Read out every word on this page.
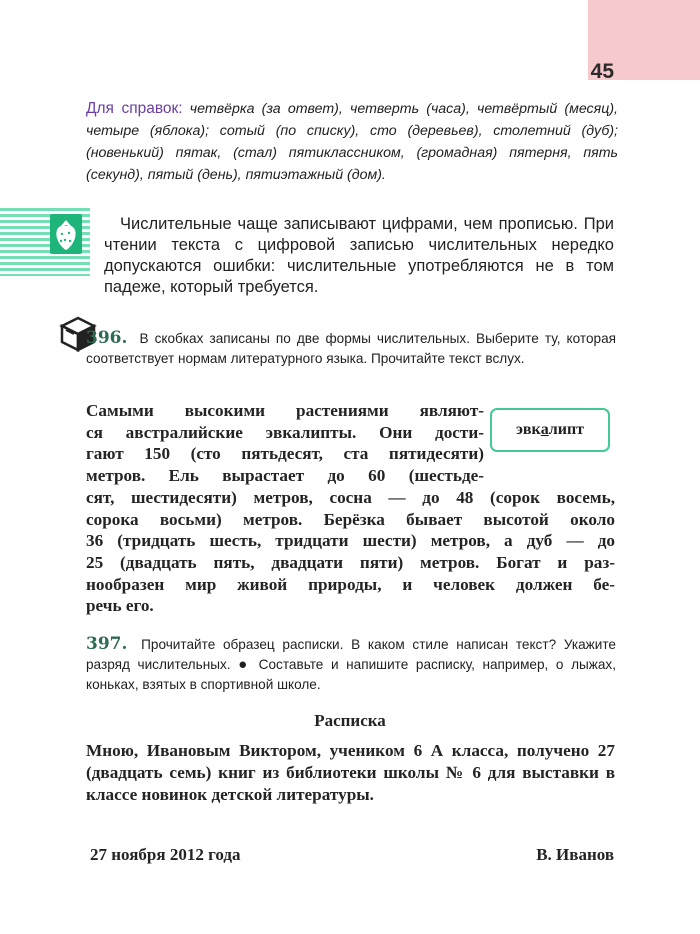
45
Для справок: четвёрка (за ответ), четверть (часа), четвёртый (месяц), четыре (яблока); сотый (по списку), сто (деревьев), столетний (дуб); (новенький) пятак, (стал) пятиклассником, (громадная) пятерня, пять (секунд), пятый (день), пятиэтажный (дом).
Числительные чаще записывают цифрами, чем прописью. При чтении текста с цифровой записью числительных нередко допускаются ошибки: числительные употребляются не в том падеже, который требуется.
396. В скобках записаны по две формы числительных. Выберите ту, которая соответствует нормам литературного языка. Прочитайте текст вслух.
эвк а липт
Самыми высокими растениями являют-
ся австралийские эвкалипты. Они дости-
гают 150 (сто пятьдесят, ста пятидесяти)
метров. Ель вырастает до 60 (шестьде-
сят, шестидесяти) метров, сосна — до 48 (сорок восемь,
сорока восьми) метров. Берёзка бывает высотой около
36 (тридцать шесть, тридцати шести) метров, а дуб — до
25 (двадцать пять, двадцати пяти) метров. Богат и раз-
нообразен мир живой природы, и человек должен бе-
речь его.
397. Прочитайте образец расписки. В каком стиле написан текст? Укажите разряд числительных. ● Составьте и напишите расписку, например, о лыжах, коньках, взятых в спортивной школе.
Расписка
Мною, Ивановым Виктором, учеником 6 А класса, получено 27 (двадцать семь) книг из библиотеки школы № 6 для выставки в классе новинок детской литературы.
27 ноября 2012 года	В. Иванов
